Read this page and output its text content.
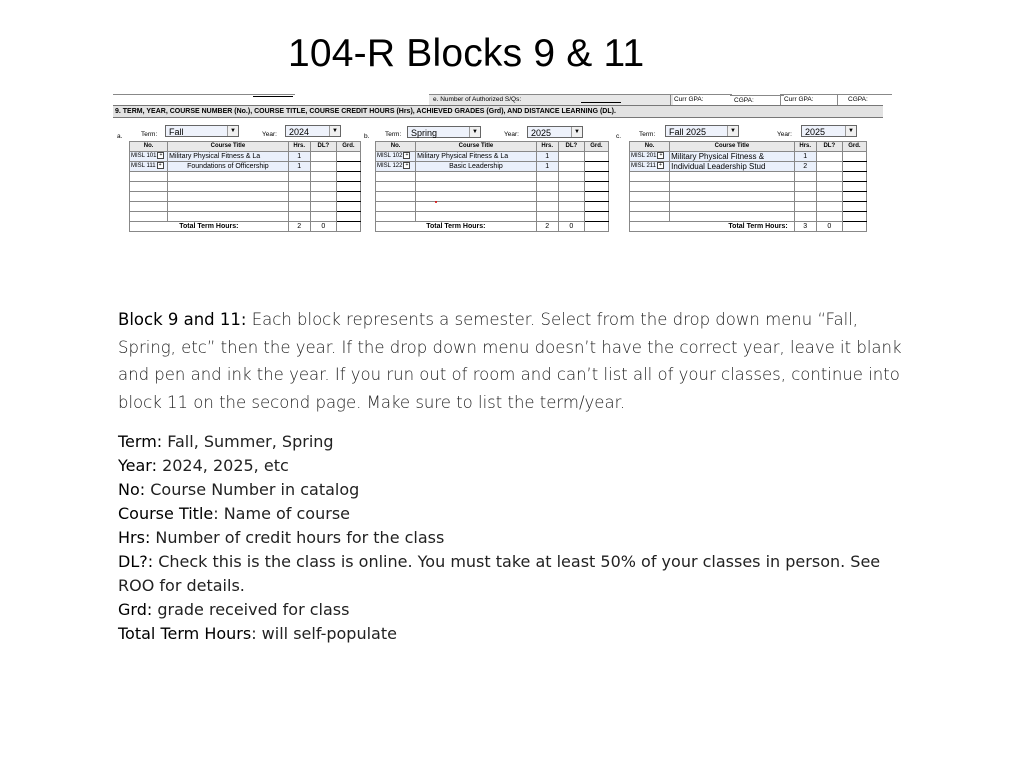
104-R Blocks 9 & 11
e. Number of Authorized S/Qs:	Curr GPA:	CGPA:	Curr GPA:	CGPA:
9. TERM, YEAR, COURSE NUMBER (No.), COURSE TITLE, COURSE CREDIT HOURS (Hrs), ACHIEVED GRADES (Grd), AND DISTANCE LEARNING (DL).
a.	Term:	Fall	▼	Year:	2024	▼
No.	Course Title	Hrs.	DL?	Grd.
MISL 101 +	Military Physical Fitness & La	1		
MISL 111 +	Foundations of Officership	1		

Total Term Hours:		2	0	
b. Term:	Spring	▼	Year:	2025	▼
No.	Course Title	Hrs.	DL?	Grd.
MISL 102 +	Military Physical Fitness & La	1		
MISL 122 +	Basic Leadership	1		

Total Term Hours:		2	0	
c.	Term:	Fall 2025	▼	Year:	2025	▼
No.	Course Title	Hrs.	DL?	Grd.
MISL 201 +	Military Physical Fitness &	1		
MISL 211 +	Individual Leadership Stud	2		

Total Term Hours:		3	0	
Block 9 and 11: Each block represents a semester. Select from the drop down menu “Fall, Spring, etc” then the year. If the drop down menu doesn’t have the correct year, leave it blank and pen and ink the year. If you run out of room and can’t list all of your classes, continue into block 11 on the second page. Make sure to list the term/year.
Term: Fall, Summer, Spring
Year: 2024, 2025, etc
No: Course Number in catalog
Course Title: Name of course
Hrs: Number of credit hours for the class
DL?: Check this is the class is online. You must take at least 50% of your classes in person. See ROO for details.
Grd: grade received for class
Total Term Hours: will self-populate
